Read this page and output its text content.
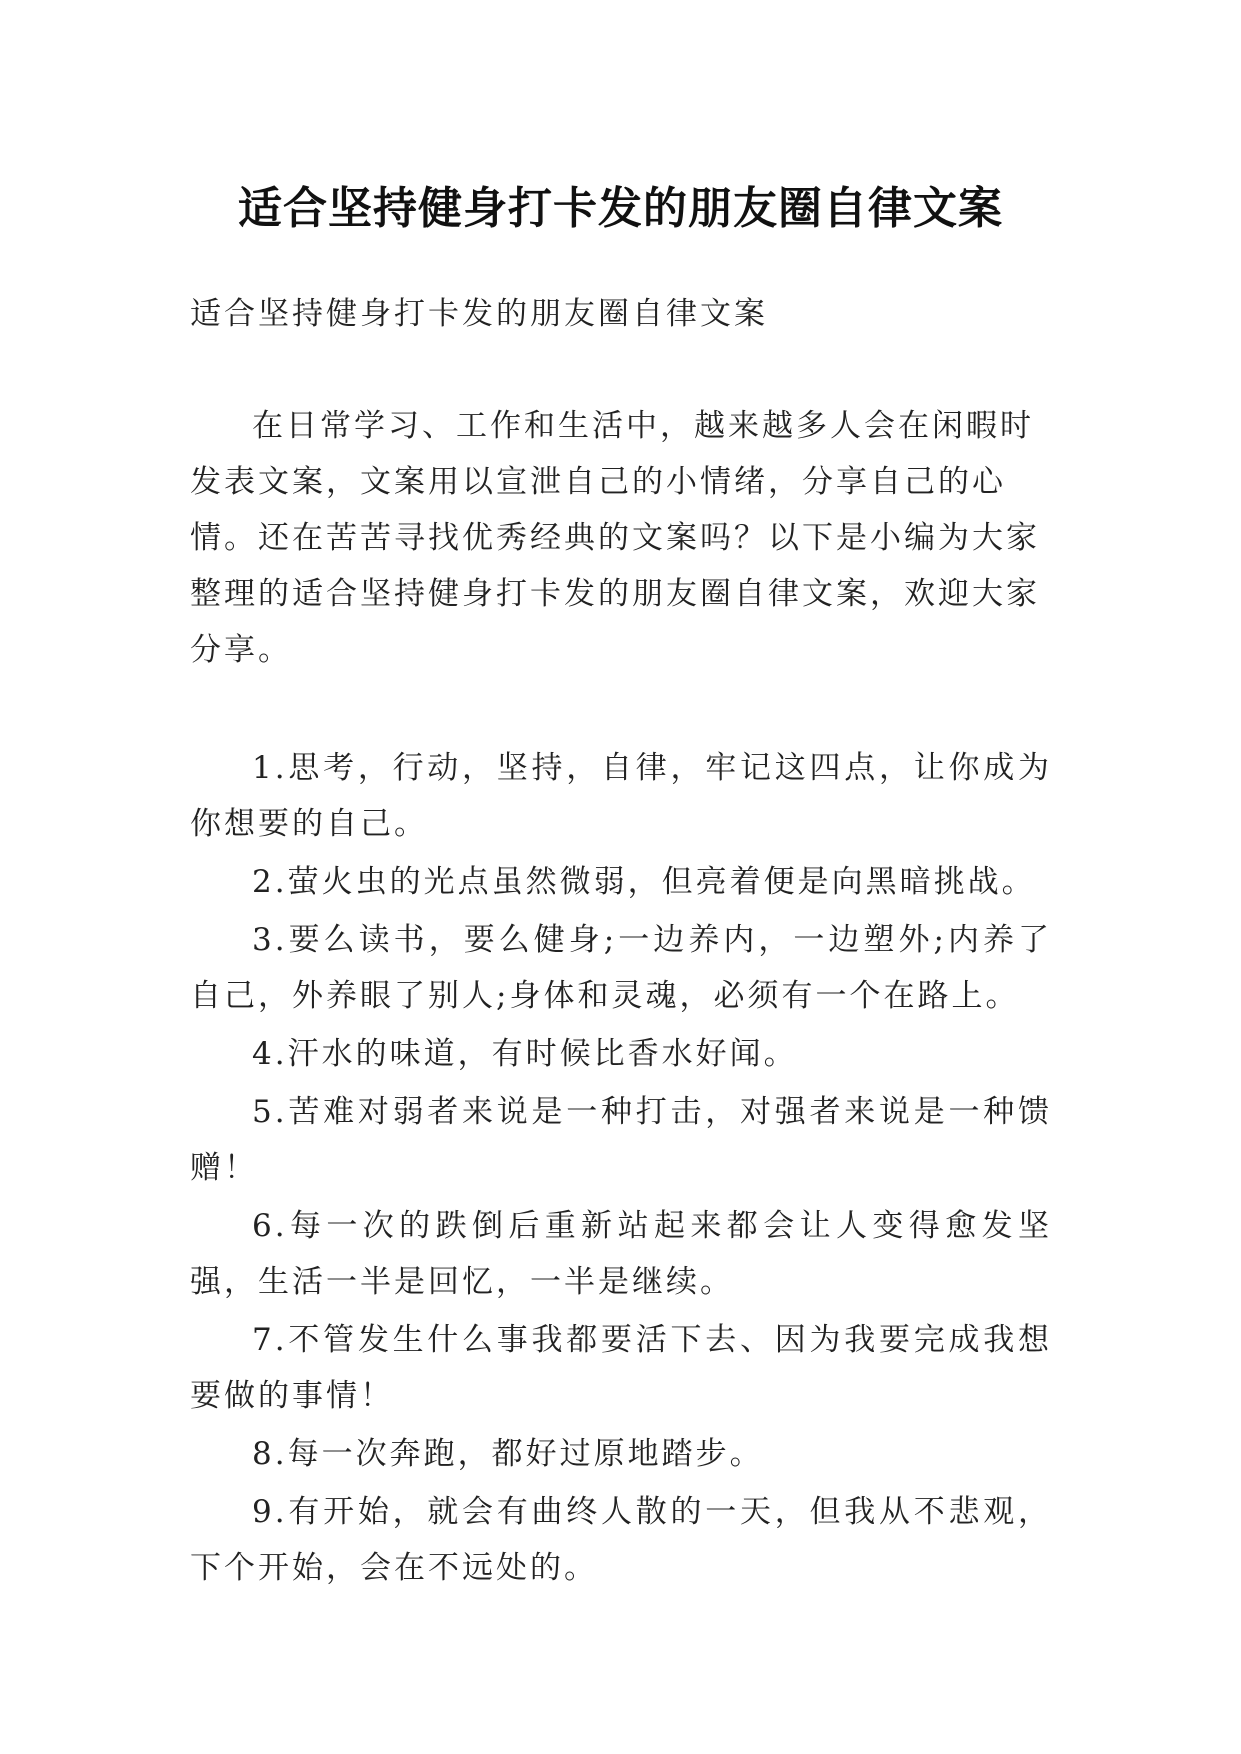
适合坚持健身打卡发的朋友圈自律文案

适合坚持健身打卡发的朋友圈自律文案

在日常学习、工作和生活中，越来越多人会在闲暇时发表文案，文案用以宣泄自己的小情绪，分享自己的心情。还在苦苦寻找优秀经典的文案吗？以下是小编为大家整理的适合坚持健身打卡发的朋友圈自律文案，欢迎大家分享。

1.思考，行动，坚持，自律，牢记这四点，让你成为你想要的自己。

2.萤火虫的光点虽然微弱，但亮着便是向黑暗挑战。

3.要么读书，要么健身;一边养内，一边塑外;内养了自己，外养眼了别人;身体和灵魂，必须有一个在路上。

4.汗水的味道，有时候比香水好闻。

5.苦难对弱者来说是一种打击，对强者来说是一种馈赠！

6.每一次的跌倒后重新站起来都会让人变得愈发坚强，生活一半是回忆，一半是继续。

7.不管发生什么事我都要活下去、因为我要完成我想要做的事情！

8.每一次奔跑，都好过原地踏步。

9.有开始，就会有曲终人散的一天，但我从不悲观，下个开始，会在不远处的。
